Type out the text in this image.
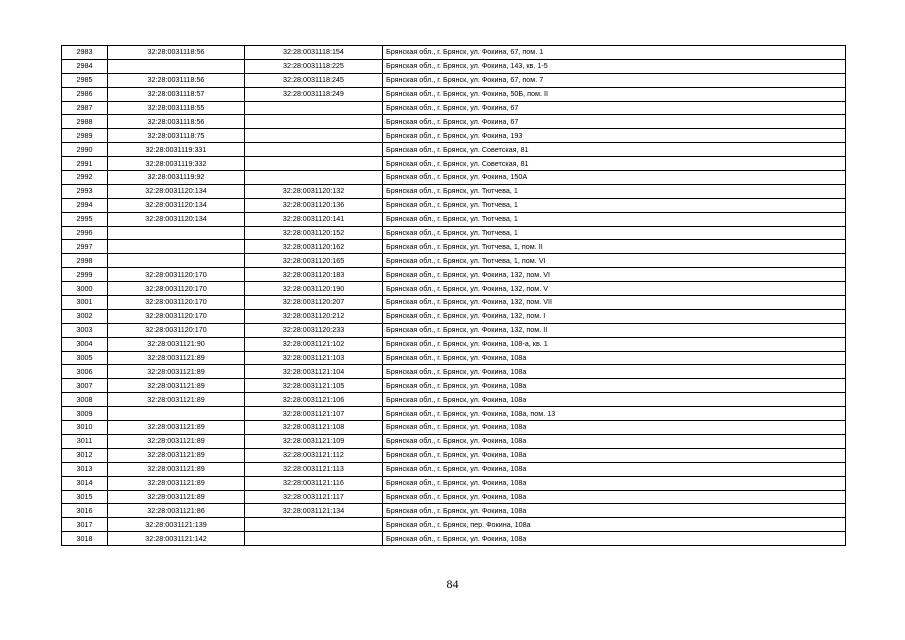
2983	32:28:0031118:56	32:28:0031118:154	Брянская обл., г. Брянск, ул. Фокина, 67, пом. 1
2984		32:28:0031118:225	Брянская обл., г. Брянск, ул. Фокина, 143, кв. 1-5
2985	32:28:0031118:56	32:28:0031118:245	Брянская обл., г. Брянск, ул. Фокина, 67, пом. 7
2986	32:28:0031118:57	32:28:0031118:249	Брянская обл., г. Брянск, ул. Фокина, 50Б, пом. II
2987	32:28:0031118:55		Брянская обл., г. Брянск, ул. Фокина, 67
2988	32:28:0031118:56		Брянская обл., г. Брянск, ул. Фокина, 67
2989	32:28:0031118:75		Брянская обл., г. Брянск, ул. Фокина, 193
2990	32:28:0031119:331		Брянская обл., г. Брянск, ул. Советская, 81
2991	32:28:0031119:332		Брянская обл., г. Брянск, ул. Советская, 81
2992	32:28:0031119:92		Брянская обл., г. Брянск, ул. Фокина, 150А
2993	32:28:0031120:134	32:28:0031120:132	Брянская обл., г. Брянск, ул. Тютчева, 1
2994	32:28:0031120:134	32:28:0031120:136	Брянская обл., г. Брянск, ул. Тютчева, 1
2995	32:28:0031120:134	32:28:0031120:141	Брянская обл., г. Брянск, ул. Тютчева, 1
2996		32:28:0031120:152	Брянская обл., г. Брянск, ул. Тютчева, 1
2997		32:28:0031120:162	Брянская обл., г. Брянск, ул. Тютчева, 1, пом. II
2998		32:28:0031120:165	Брянская обл., г. Брянск, ул. Тютчева, 1, пом. VI
2999	32:28:0031120:170	32:28:0031120:183	Брянская обл., г. Брянск, ул. Фокина, 132, пом. VI
3000	32:28:0031120:170	32:28:0031120:190	Брянская обл., г. Брянск, ул. Фокина, 132, пом. V
3001	32:28:0031120:170	32:28:0031120:207	Брянская обл., г. Брянск, ул. Фокина, 132, пом. VII
3002	32:28:0031120:170	32:28:0031120:212	Брянская обл., г. Брянск, ул. Фокина, 132, пом. I
3003	32:28:0031120:170	32:28:0031120:233	Брянская обл., г. Брянск, ул. Фокина, 132, пом. II
3004	32:28:0031121:90	32:28:0031121:102	Брянская обл., г. Брянск, ул. Фокина, 108-а, кв. 1
3005	32:28:0031121:89	32:28:0031121:103	Брянская обл., г. Брянск, ул. Фокина, 108а
3006	32:28:0031121:89	32:28:0031121:104	Брянская обл., г. Брянск, ул. Фокина, 108а
3007	32:28:0031121:89	32:28:0031121:105	Брянская обл., г. Брянск, ул. Фокина, 108а
3008	32:28:0031121:89	32:28:0031121:106	Брянская обл., г. Брянск, ул. Фокина, 108а
3009		32:28:0031121:107	Брянская обл., г. Брянск, ул. Фокина, 108а, пом. 13
3010	32:28:0031121:89	32:28:0031121:108	Брянская обл., г. Брянск, ул. Фокина, 108а
3011	32:28:0031121:89	32:28:0031121:109	Брянская обл., г. Брянск, ул. Фокина, 108а
3012	32:28:0031121:89	32:28:0031121:112	Брянская обл., г. Брянск, ул. Фокина, 108а
3013	32:28:0031121:89	32:28:0031121:113	Брянская обл., г. Брянск, ул. Фокина, 108а
3014	32:28:0031121:89	32:28:0031121:116	Брянская обл., г. Брянск, ул. Фокина, 108а
3015	32:28:0031121:89	32:28:0031121:117	Брянская обл., г. Брянск, ул. Фокина, 108а
3016	32:28:0031121:86	32:28:0031121:134	Брянская обл., г. Брянск, ул. Фокина, 108а
3017	32:28:0031121:139		Брянская обл., г. Брянск, пер. Фокина, 108а
3018	32:28:0031121:142		Брянская обл., г. Брянск, ул. Фокина, 108а
84
